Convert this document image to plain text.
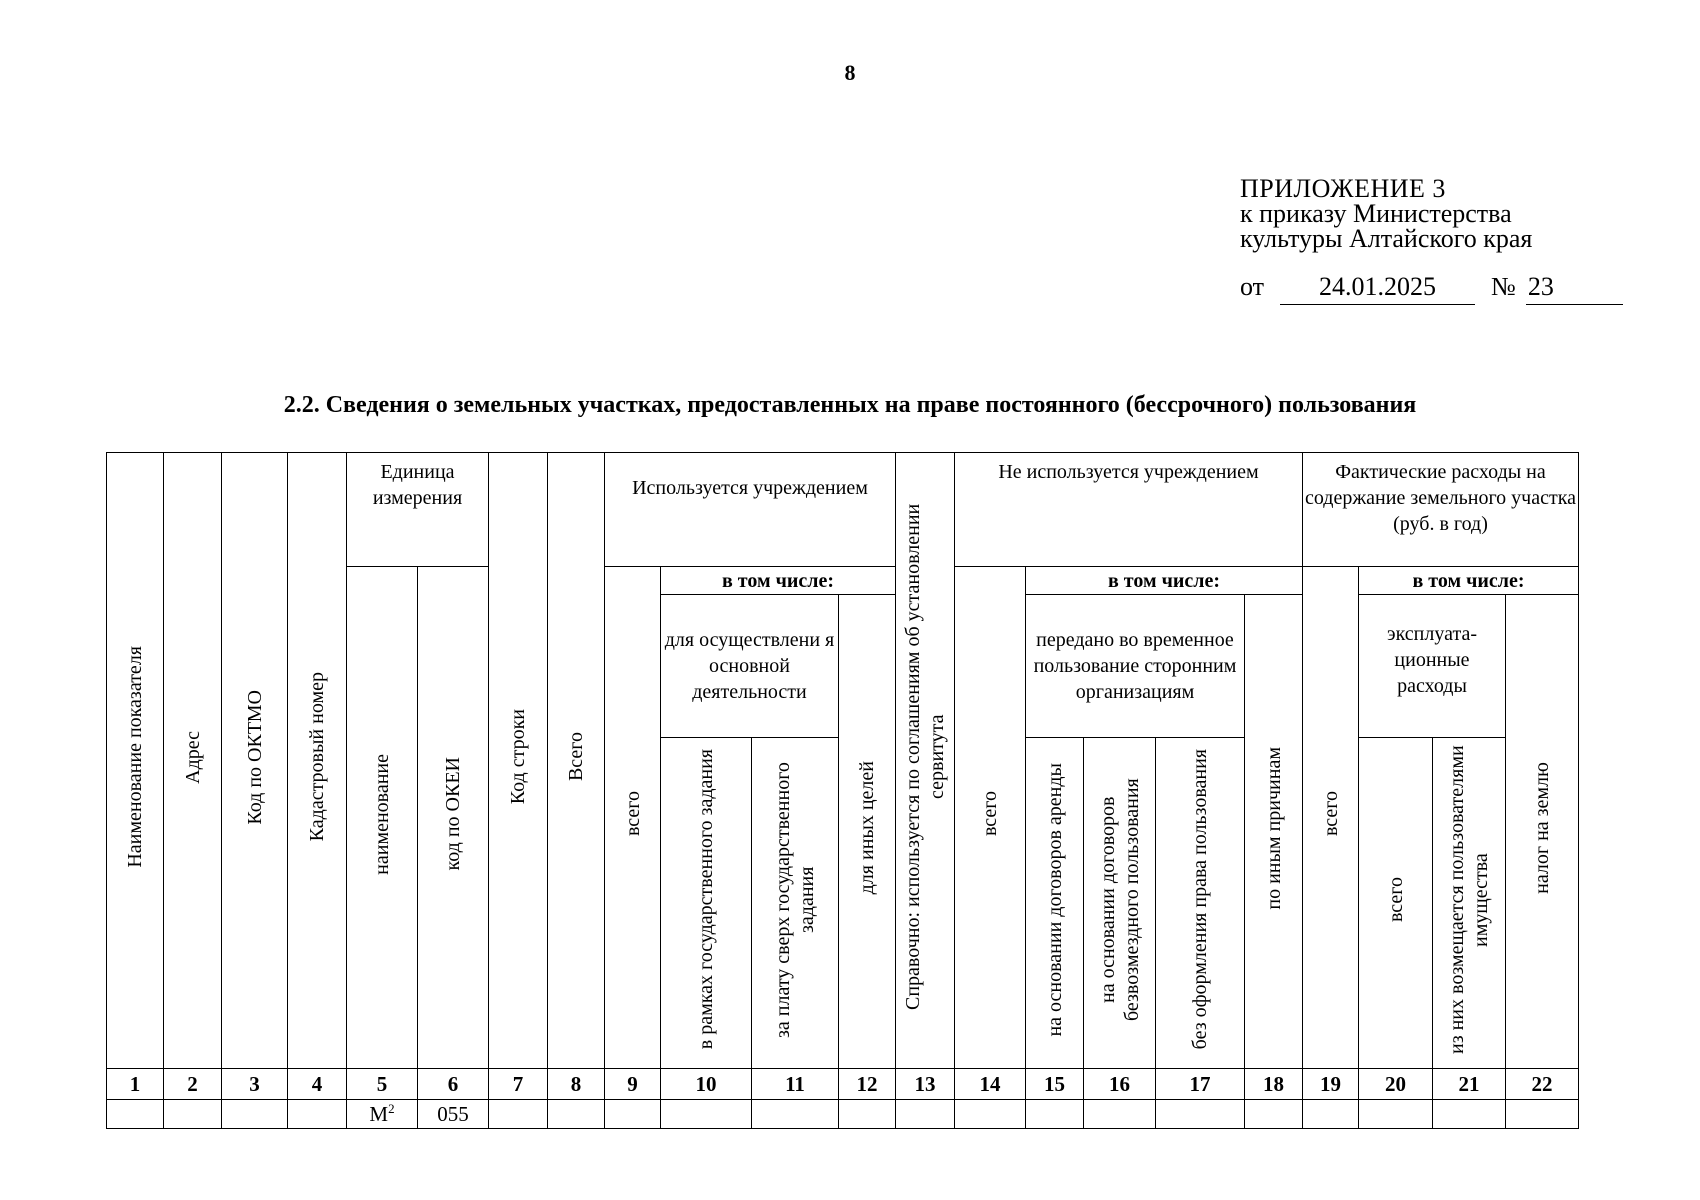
8
ПРИЛОЖЕНИЕ 3
к приказу Министерства
культуры Алтайского края
от 24.01.2025 № 23
2.2. Сведения о земельных участках, предоставленных на праве постоянного (бессрочного) пользования
Наименование показателя	Адрес	Код по ОКТМО	Кадастровый номер	Единица измерения		Код строки	Всего	Используется учреждением				Справочно: используется по соглашениям об установлении сервитута	Не используется учреждением					Фактические расходы на содержание земельного участка (руб. в год)			
				наименование	код по ОКЕИ			всего	в том числе:				всего	в том числе:				всего	в том числе:		
									для осуществлени я основной деятельности		для иных целей			передано во временное пользование сторонним организациям			по иным причинам		эксплуата-ционные расходы		налог на землю
									в рамках государственного задания	за плату сверх государственного задания				на основании договоров аренды	на основании договоров безвозмездного пользования	без оформления права пользования			всего	из них возмещается пользователями имущества	
1	2	3	4	5	6	7	8	9	10	11	12	13	14	15	16	17	18	19	20	21	22
				$М^2$	055																
